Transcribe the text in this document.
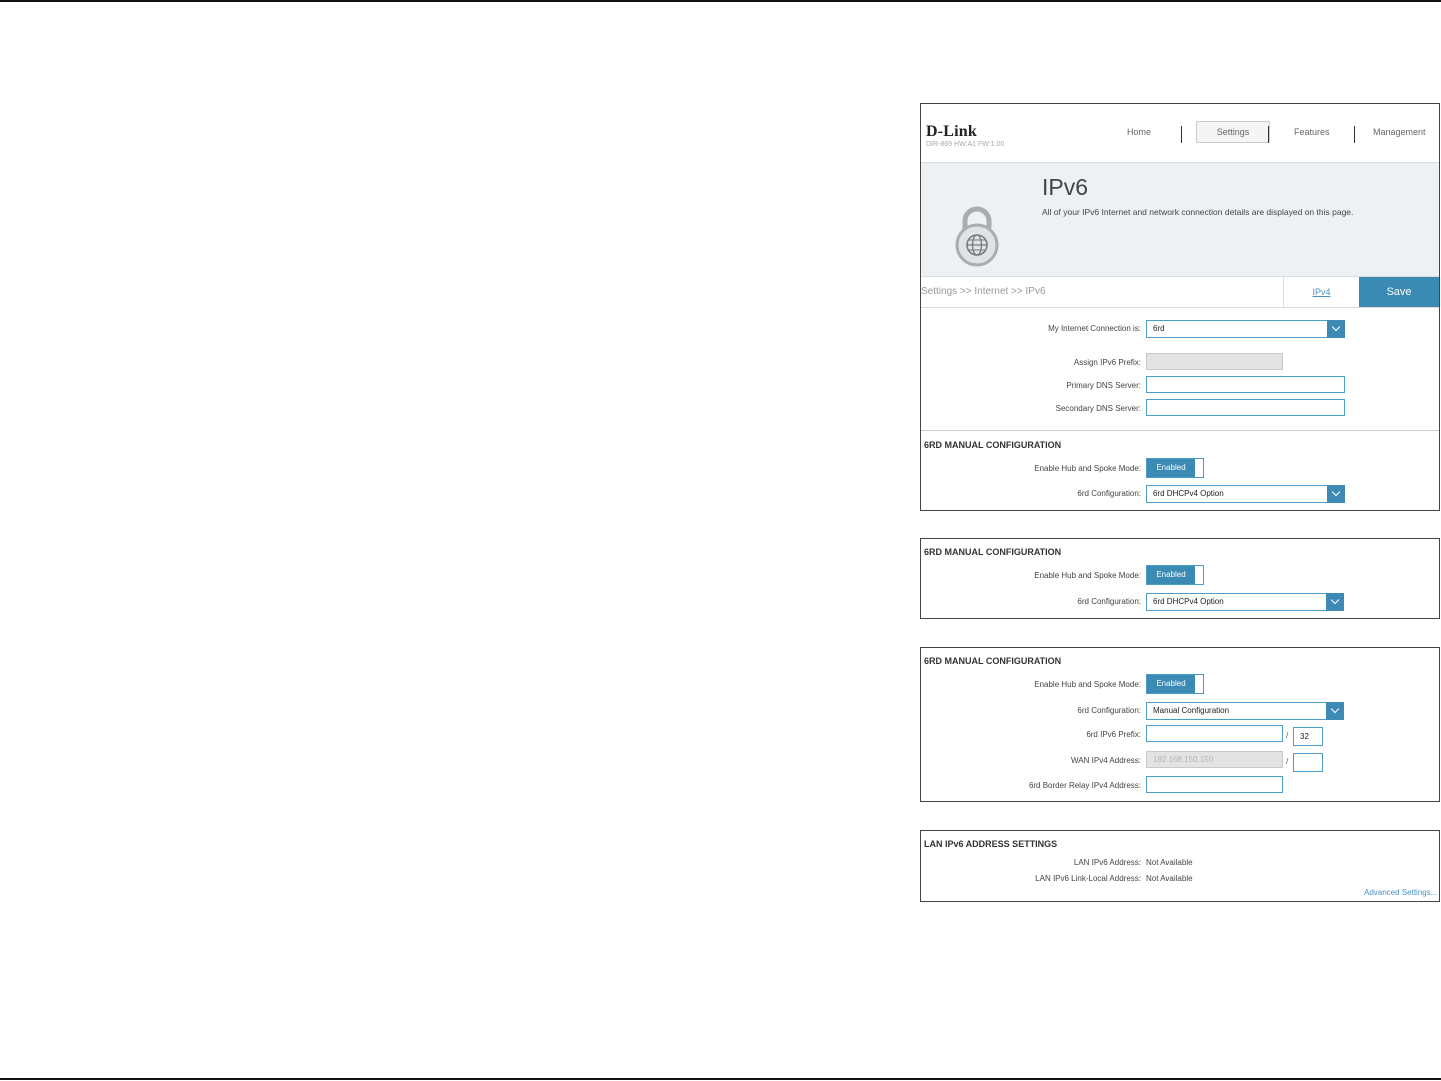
D-Link
DIR-869 HW:A1 FW:1.00
Home	Settings	Features	Management
IPv6
All of your IPv6 Internet and network connection details are displayed on this page.
Settings >> Internet >> IPv6	IPv4	Save
My Internet Connection is: 6rd
Assign IPv6 Prefix:
Primary DNS Server:
Secondary DNS Server:
6RD MANUAL CONFIGURATION
Enable Hub and Spoke Mode:	Enabled
6rd Configuration: 6rd DHCPv4 Option
6RD MANUAL CONFIGURATION
Enable Hub and Spoke Mode:	Enabled
6rd Configuration: 6rd DHCPv4 Option
6RD MANUAL CONFIGURATION
Enable Hub and Spoke Mode:	Enabled
6rd Configuration: Manual Configuration
6rd IPv6 Prefix:	/	32
WAN IPv4 Address:	192.168.150.150	/
6rd Border Relay IPv4 Address:
LAN IPv6 ADDRESS SETTINGS
LAN IPv6 Address: Not Available
LAN IPv6 Link-Local Address: Not Available
Advanced Settings...
